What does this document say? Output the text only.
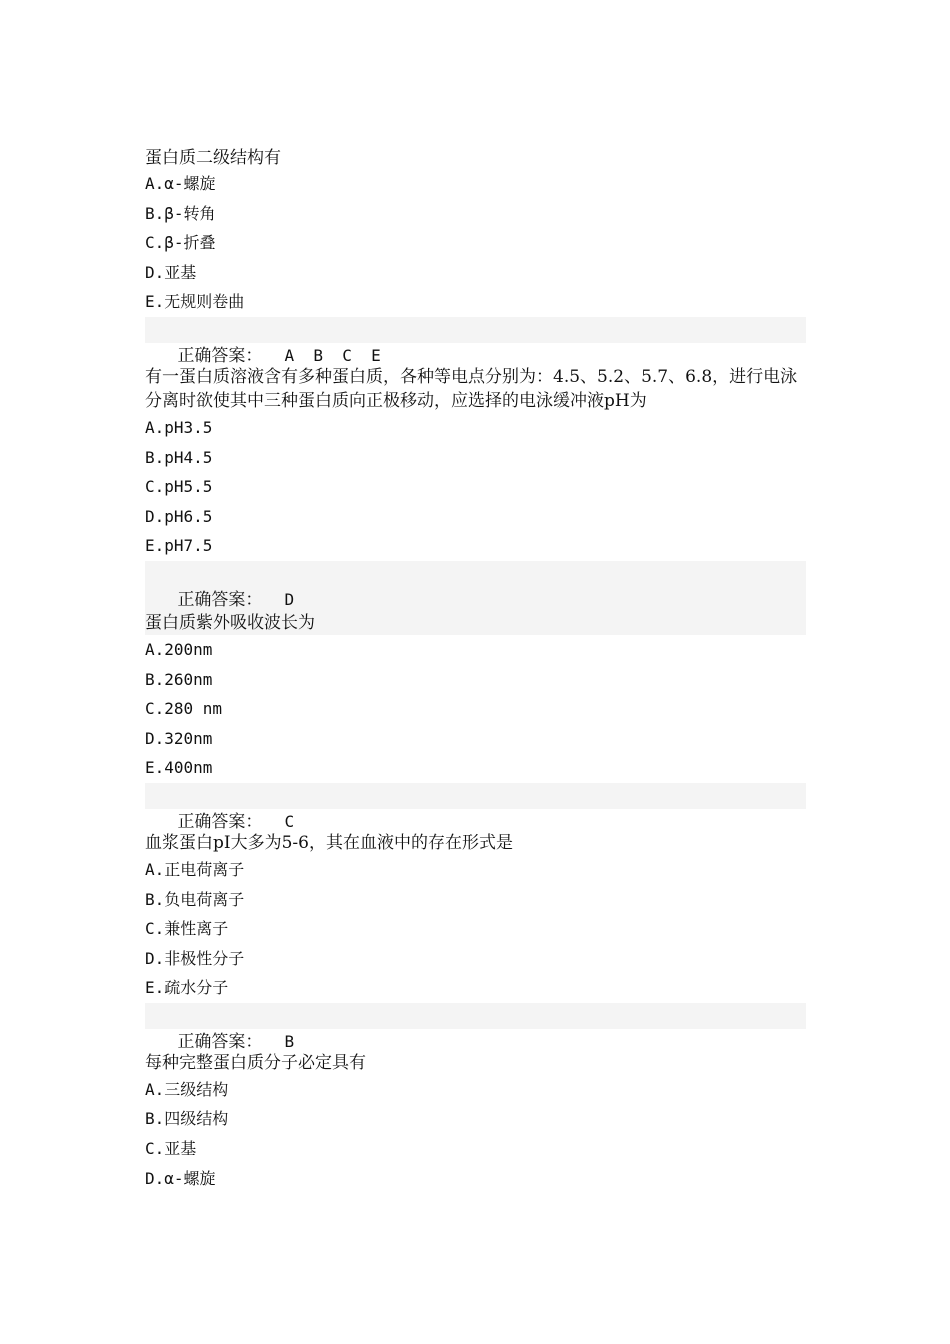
蛋白质二级结构有

A.α-螺旋
B.β-转角
C.β-折叠
D.亚基
E.无规则卷曲

正确答案： A  B  C  E

有一蛋白质溶液含有多种蛋白质，各种等电点分别为：4.5、5.2、5.7、6.8，进行电泳分离时欲使其中三种蛋白质向正极移动，应选择的电泳缓冲液pH为

A.pH3.5
B.pH4.5
C.pH5.5
D.pH6.5
E.pH7.5

正确答案： D

蛋白质紫外吸收波长为

A.200nm
B.260nm
C.280 nm
D.320nm
E.400nm

正确答案： C

血浆蛋白pI大多为5-6，其在血液中的存在形式是

A.正电荷离子
B.负电荷离子
C.兼性离子
D.非极性分子
E.疏水分子

正确答案： B

每种完整蛋白质分子必定具有

A.三级结构
B.四级结构
C.亚基
D.α-螺旋
